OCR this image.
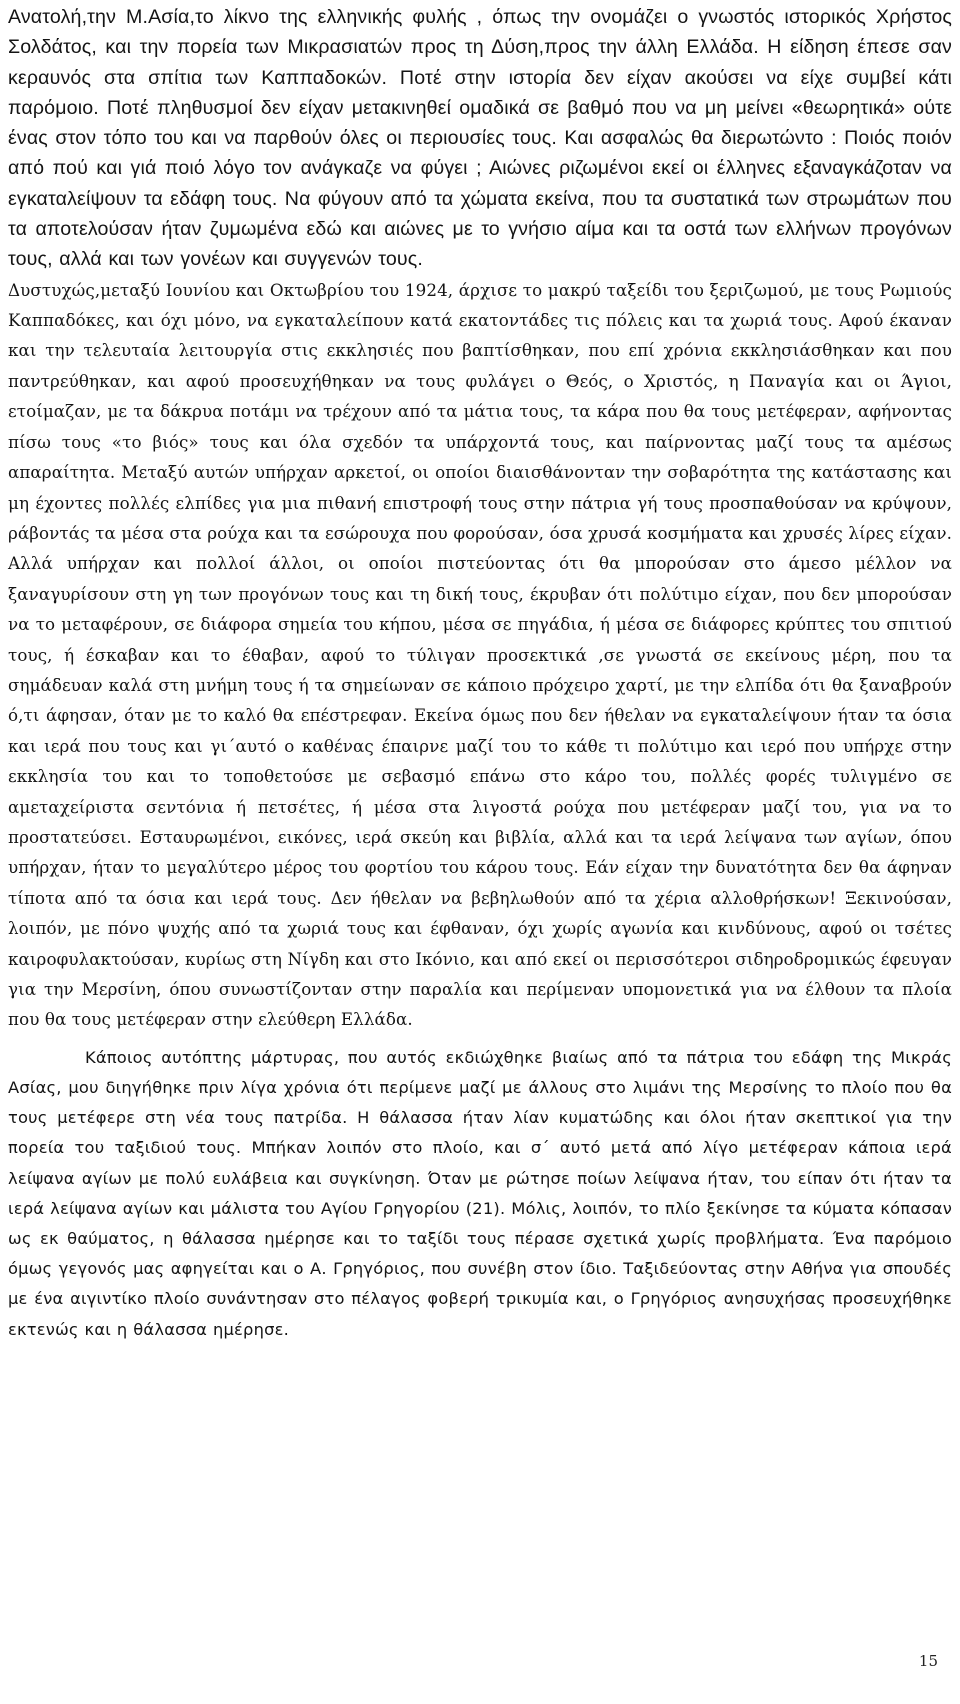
Ανατολή,την Μ.Ασία,το λίκνο της ελληνικής φυλής , όπως την ονομάζει ο γνωστός ιστορικός Χρήστος Σολδάτος, και την πορεία των Μικρασιατών προς τη Δύση,προς την άλλη Ελλάδα. Η είδηση έπεσε σαν κεραυνός στα σπίτια των Καππαδοκών. Ποτέ στην ιστορία δεν είχαν ακούσει να είχε συμβεί κάτι παρόμοιο. Ποτέ πληθυσμοί δεν είχαν μετακινηθεί ομαδικά σε βαθμό που να μη μείνει «θεωρητικά» ούτε ένας στον τόπο του και να παρθούν όλες οι περιουσίες τους. Και ασφαλώς θα διερωτώντο : Ποιός ποιόν από πού και γιά ποιό λόγο τον ανάγκαζε να φύγει ; Αιώνες ριζωμένοι εκεί οι έλληνες εξαναγκάζοταν να εγκαταλείψουν τα εδάφη τους. Να φύγουν από τα χώματα εκείνα, που τα συστατικά των στρωμάτων που τα αποτελούσαν ήταν ζυμωμένα εδώ και αιώνες με το γνήσιο αίμα και τα οστά των ελλήνων προγόνων τους, αλλά και των γονέων και συγγενών τους.

Δυστυχώς,μεταξύ Ιουνίου και Οκτωβρίου του 1924, άρχισε το μακρύ ταξείδι του ξεριζωμού, με τους Ρωμιούς Καππαδόκες, και όχι μόνο, να εγκαταλείπουν κατά εκατοντάδες τις πόλεις και τα χωριά τους. Αφού έκαναν και την τελευταία λειτουργία στις εκκλησιές που βαπτίσθηκαν, που επί χρόνια εκκλησιάσθηκαν και που παντρεύθηκαν, και αφού προσευχήθηκαν να τους φυλάγει ο Θεός, ο Χριστός, η Παναγία και οι Άγιοι, ετοίμαζαν, με τα δάκρυα ποτάμι να τρέχουν από τα μάτια τους, τα κάρα που θα τους μετέφεραν, αφήνοντας πίσω τους «το βιός» τους και όλα σχεδόν τα υπάρχοντά τους, και παίρνοντας μαζί τους τα αμέσως απαραίτητα. Μεταξύ αυτών υπήρχαν αρκετοί, οι οποίοι διαισθάνονταν την σοβαρότητα της κατάστασης και μη έχοντες πολλές ελπίδες για μια πιθανή επιστροφή τους στην πάτρια γή τους προσπαθούσαν να κρύψουν, ράβοντάς τα μέσα στα ρούχα και τα εσώρουχα που φορούσαν, όσα χρυσά κοσμήματα και χρυσές λίρες είχαν. Αλλά υπήρχαν και πολλοί άλλοι, οι οποίοι πιστεύοντας ότι θα μπορούσαν στο άμεσο μέλλον να ξαναγυρίσουν στη γη των προγόνων τους και τη δική τους, έκρυβαν ότι πολύτιμο είχαν, που δεν μπορούσαν να το μεταφέρουν, σε διάφορα σημεία του κήπου, μέσα σε πηγάδια, ή μέσα σε διάφορες κρύπτες του σπιτιού τους, ή έσκαβαν και το έθαβαν, αφού το τύλιγαν προσεκτικά ,σε γνωστά σε εκείνους μέρη, που τα σημάδευαν καλά στη μνήμη τους ή τα σημείωναν σε κάποιο πρόχειρο χαρτί, με την ελπίδα ότι θα ξαναβρούν ό,τι άφησαν, όταν με το καλό θα επέστρεφαν. Εκείνα όμως που δεν ήθελαν να εγκαταλείψουν ήταν τα όσια και ιερά που τους και γι΄αυτό ο καθένας έπαιρνε μαζί του το κάθε τι πολύτιμο και ιερό που υπήρχε στην εκκλησία του και το τοποθετούσε με σεβασμό επάνω στο κάρο του, πολλές φορές τυλιγμένο σε αμεταχείριστα σεντόνια ή πετσέτες, ή μέσα στα λιγοστά ρούχα που μετέφεραν μαζί του, για να το προστατεύσει. Εσταυρωμένοι, εικόνες, ιερά σκεύη και βιβλία, αλλά και τα ιερά λείψανα των αγίων, όπου υπήρχαν, ήταν το μεγαλύτερο μέρος του φορτίου του κάρου τους. Εάν είχαν την δυνατότητα δεν θα άφηναν τίποτα από τα όσια και ιερά τους. Δεν ήθελαν να βεβηλωθούν από τα χέρια αλλοθρήσκων! Ξεκινούσαν, λοιπόν, με πόνο ψυχής από τα χωριά τους και έφθαναν, όχι χωρίς αγωνία και κινδύνους, αφού οι τσέτες καιροφυλακτούσαν, κυρίως στη Νίγδη και στο Ικόνιο, και από εκεί οι περισσότεροι σιδηροδρομικώς έφευγαν για την Μερσίνη, όπου συνωστίζονταν στην παραλία και περίμεναν υπομονετικά για να έλθουν τα πλοία που θα τους μετέφεραν στην ελεύθερη Ελλάδα.

Κάποιος αυτόπτης μάρτυρας, που αυτός εκδιώχθηκε βιαίως από τα πάτρια του εδάφη της Μικράς Ασίας, μου διηγήθηκε πριν λίγα χρόνια ότι περίμενε μαζί με άλλους στο λιμάνι της Μερσίνης το πλοίο που θα τους μετέφερε στη νέα τους πατρίδα. Η θάλασσα ήταν λίαν κυματώδης και όλοι ήταν σκεπτικοί για την πορεία του ταξιδιού τους. Μπήκαν λοιπόν στο πλοίο, και σ΄ αυτό μετά από λίγο μετέφεραν κάποια ιερά λείψανα αγίων με πολύ ευλάβεια και συγκίνηση. Όταν με ρώτησε ποίων λείψανα ήταν, του είπαν ότι ήταν τα ιερά λείψανα αγίων και μάλιστα του Αγίου Γρηγορίου (21). Μόλις, λοιπόν, το πλίο ξεκίνησε τα κύματα κόπασαν ως εκ θαύματος, η θάλασσα ημέρησε και το ταξίδι τους πέρασε σχετικά χωρίς προβλήματα. Ένα παρόμοιο όμως γεγονός μας αφηγείται και ο Α. Γρηγόριος, που συνέβη στον ίδιο. Ταξιδεύοντας στην Αθήνα για σπουδές με ένα αιγιντίκο πλοίο συνάντησαν στο πέλαγος φοβερή τρικυμία και, ο Γρηγόριος ανησυχήσας προσευχήθηκε εκτενώς και η θάλασσα ημέρησε.

15
